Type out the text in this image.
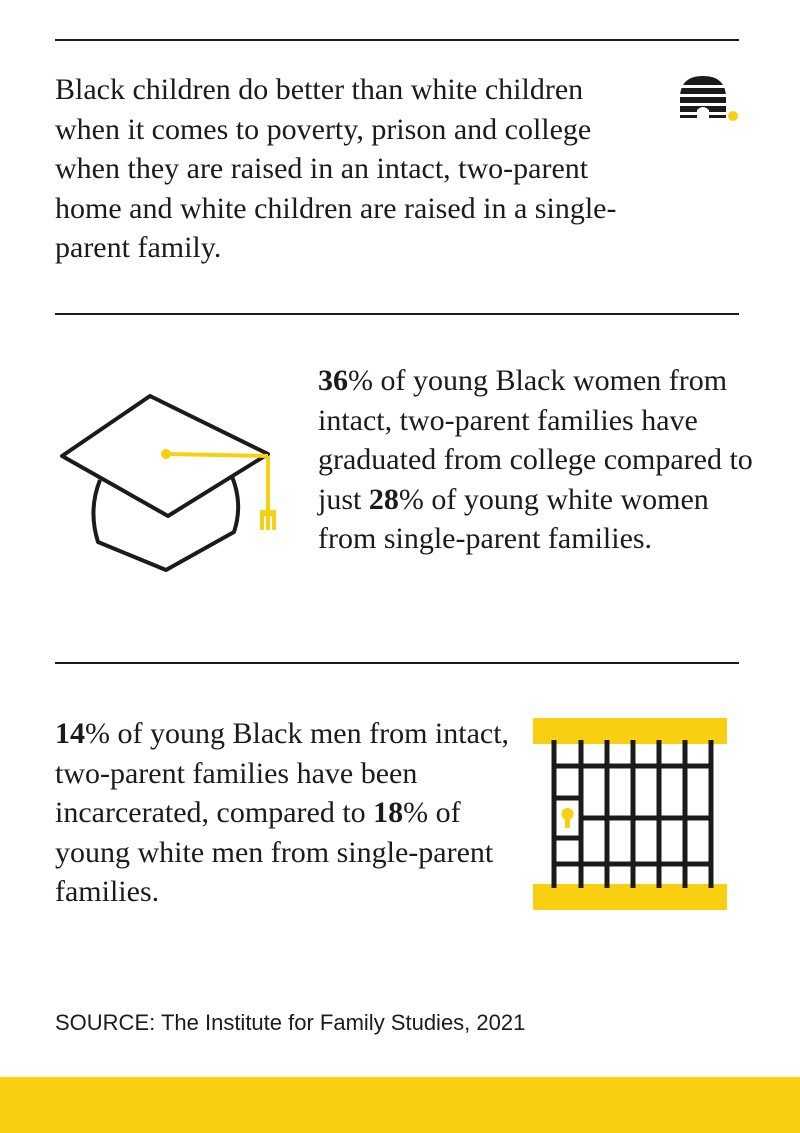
Black children do better than white children when it comes to poverty, prison and college when they are raised in an intact, two-parent home and white children are raised in a single-parent family.

36% of young Black women from intact, two-parent families have graduated from college compared to just 28% of young white women from single-parent families.

14% of young Black men from intact, two-parent families have been incarcerated, compared to 18% of young white men from single-parent families.

SOURCE: The Institute for Family Studies, 2021
